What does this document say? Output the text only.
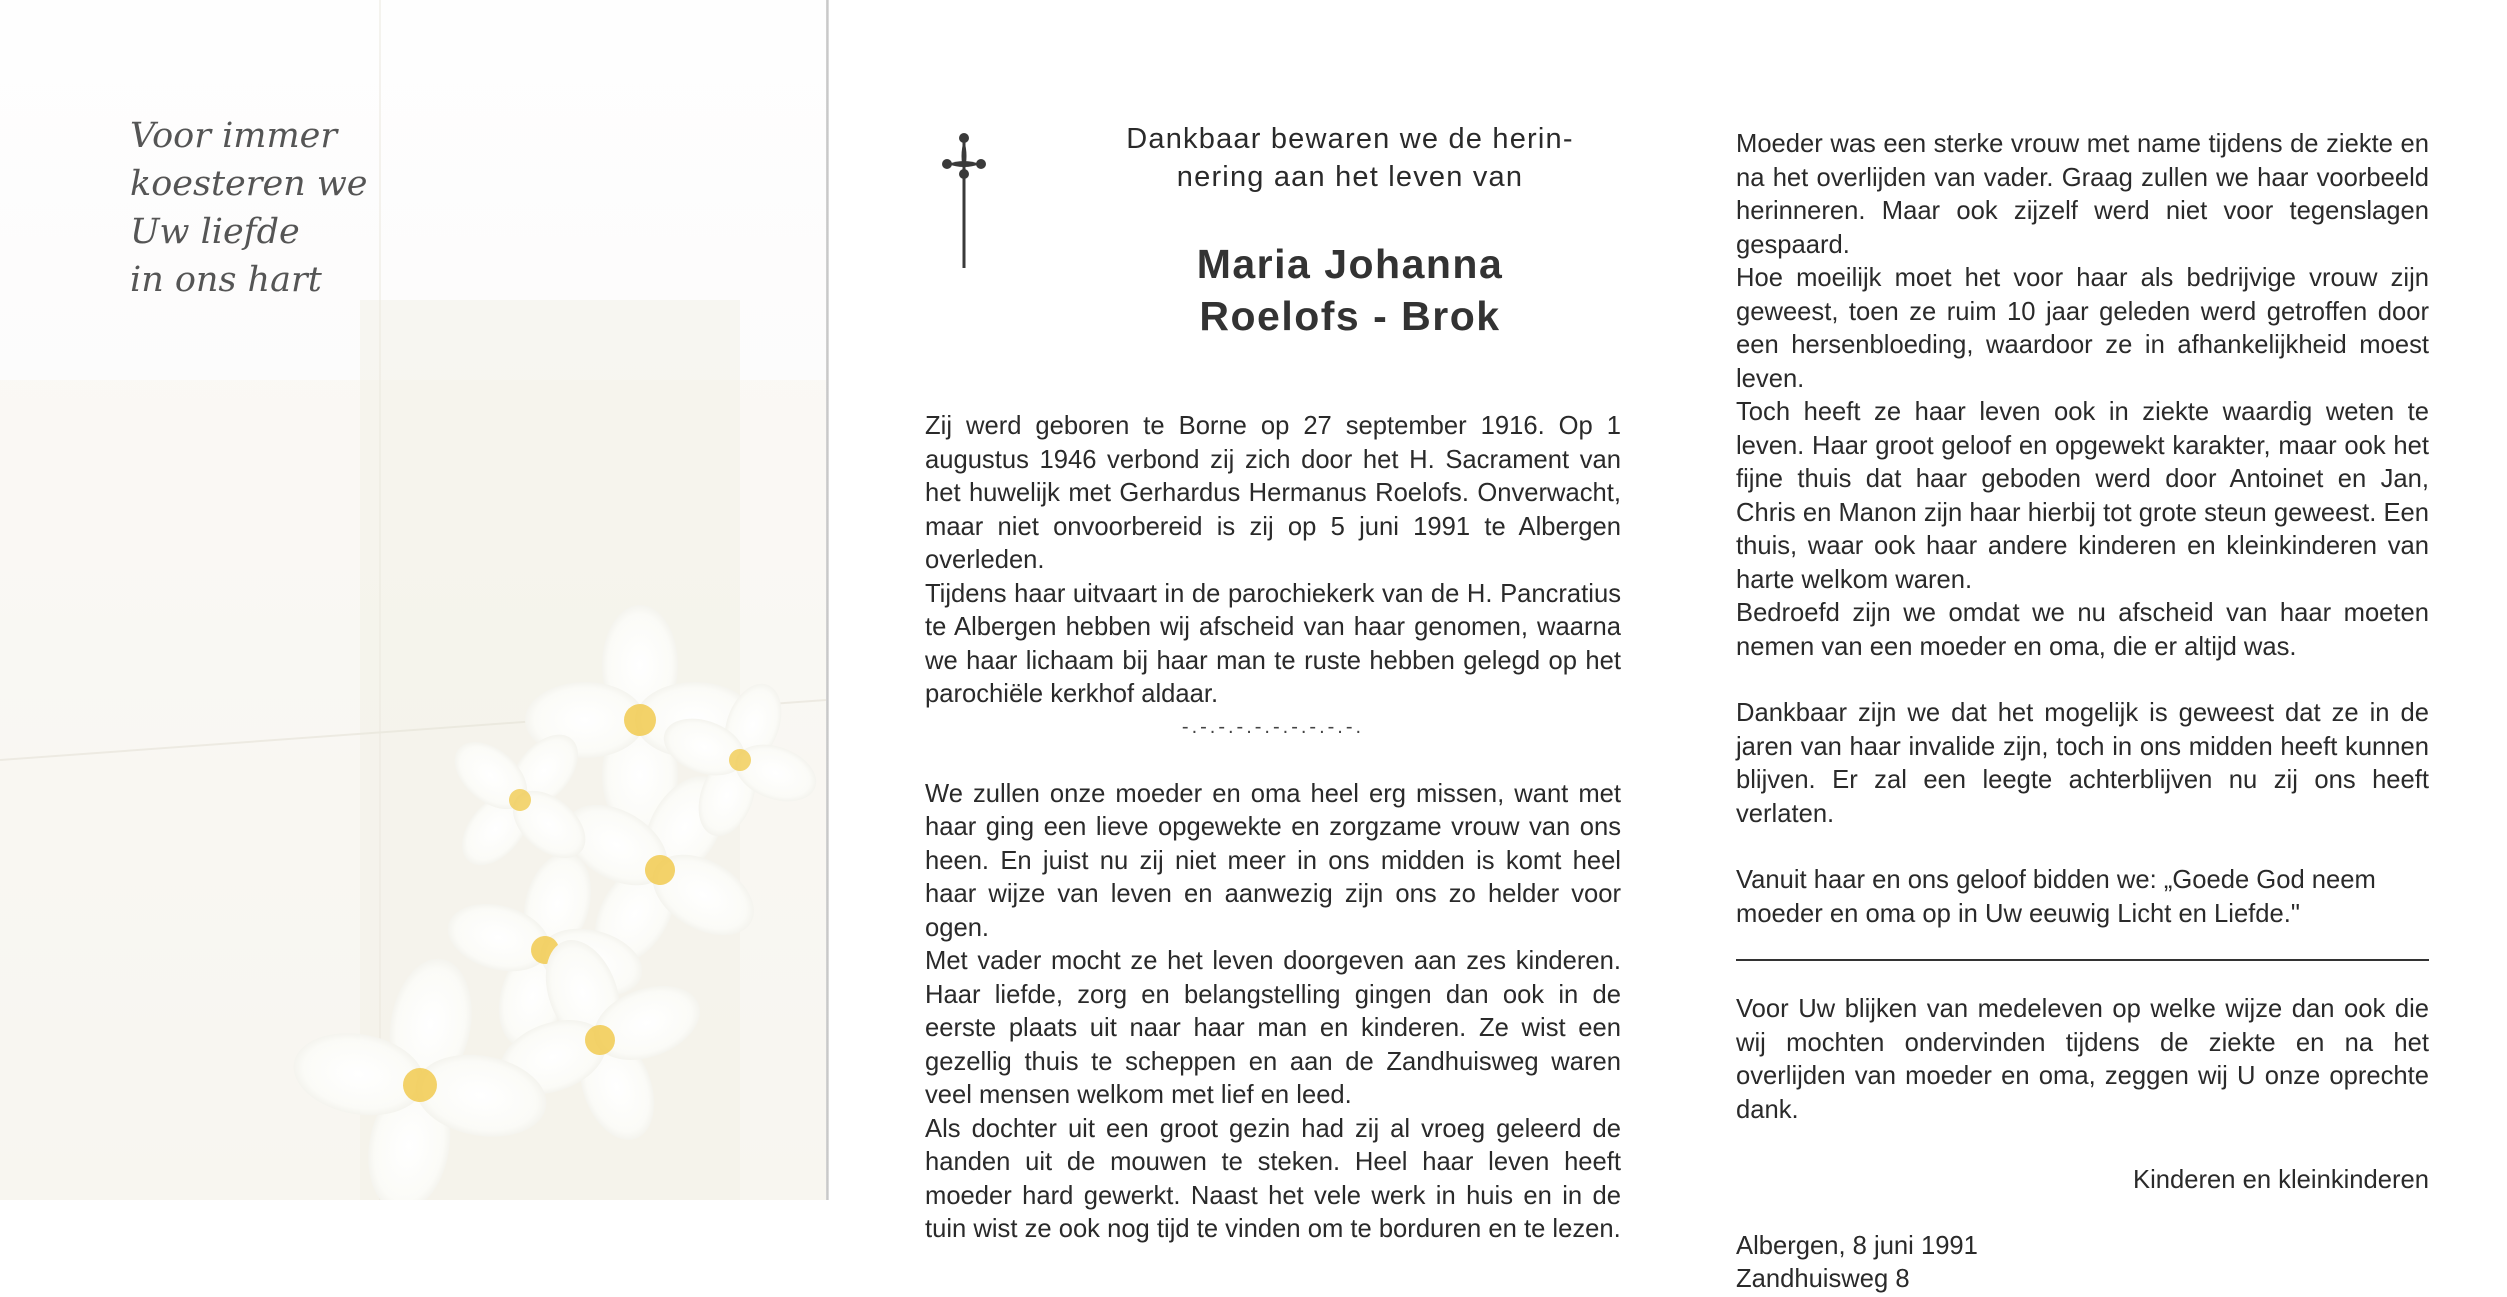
Voor immer
koesteren we
Uw liefde
in ons hart
Dankbaar bewaren we de herin-
nering aan het leven van
Maria Johanna
Roelofs - Brok

Zij werd geboren te Borne op 27 september 1916. Op 1 augustus 1946 verbond zij zich door het H. Sacrament van het huwelijk met Gerhardus Hermanus Roelofs. Onverwacht, maar niet onvoorbereid is zij op 5 juni 1991 te Albergen overleden.

Tijdens haar uitvaart in de parochiekerk van de H. Pancratius te Albergen hebben wij afscheid van haar genomen, waarna we haar lichaam bij haar man te ruste hebben gelegd op het parochiële kerkhof aldaar.

-.-.-.-.-.-.-.-.-.-.

We zullen onze moeder en oma heel erg missen, want met haar ging een lieve opgewekte en zorgzame vrouw van ons heen. En juist nu zij niet meer in ons midden is komt heel haar wijze van leven en aanwezig zijn ons zo helder voor ogen.

Met vader mocht ze het leven doorgeven aan zes kinderen. Haar liefde, zorg en belangstelling gingen dan ook in de eerste plaats uit naar haar man en kinderen. Ze wist een gezellig thuis te scheppen en aan de Zandhuisweg waren veel mensen welkom met lief en leed.

Als dochter uit een groot gezin had zij al vroeg geleerd de handen uit de mouwen te steken. Heel haar leven heeft moeder hard gewerkt. Naast het vele werk in huis en in de tuin wist ze ook nog tijd te vinden om te borduren en te lezen.

Moeder was een sterke vrouw met name tijdens de ziekte en na het overlijden van vader. Graag zullen we haar voorbeeld herinneren. Maar ook zijzelf werd niet voor tegenslagen gespaard.

Hoe moeilijk moet het voor haar als bedrijvige vrouw zijn geweest, toen ze ruim 10 jaar geleden werd getroffen door een hersenbloeding, waardoor ze in afhankelijkheid moest leven.

Toch heeft ze haar leven ook in ziekte waardig weten te leven. Haar groot geloof en opgewekt karakter, maar ook het fijne thuis dat haar geboden werd door Antoinet en Jan, Chris en Manon zijn haar hierbij tot grote steun geweest. Een thuis, waar ook haar andere kinderen en kleinkinderen van harte welkom waren.

Bedroefd zijn we omdat we nu afscheid van haar moeten nemen van een moeder en oma, die er altijd was.

Dankbaar zijn we dat het mogelijk is geweest dat ze in de jaren van haar invalide zijn, toch in ons midden heeft kunnen blijven. Er zal een leegte achterblijven nu zij ons heeft verlaten.

Vanuit haar en ons geloof bidden we: „Goede God neem moeder en oma op in Uw eeuwig Licht en Liefde."

Voor Uw blijken van medeleven op welke wijze dan ook die wij mochten ondervinden tijdens de ziekte en na het overlijden van moeder en oma, zeggen wij U onze oprechte dank.

Kinderen en kleinkinderen

Albergen, 8 juni 1991

Zandhuisweg 8
